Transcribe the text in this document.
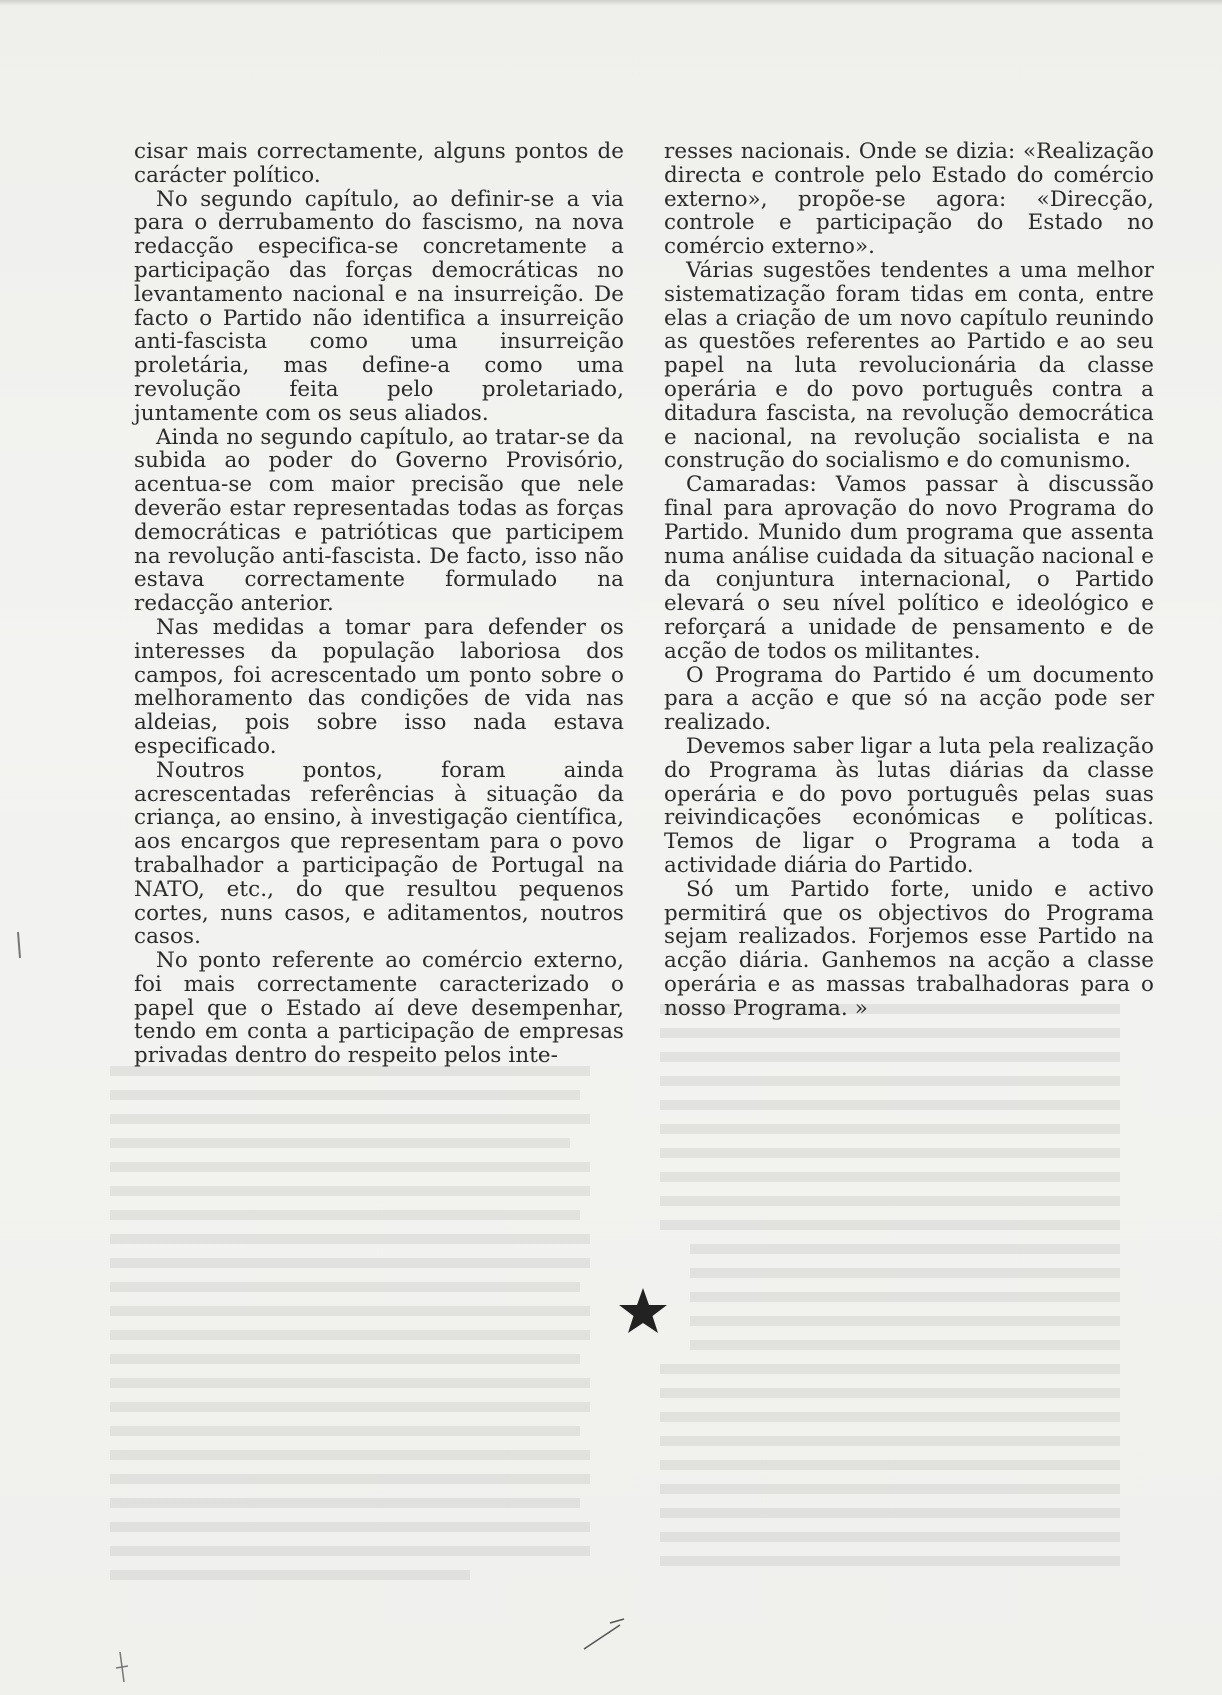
cisar mais correctamente, alguns pontos de carácter político.

No segundo capítulo, ao definir-se a via para o derrubamento do fascismo, na nova redacção especifica-se concretamente a participação das forças democráticas no levantamento nacional e na insurreição. De facto o Partido não identifica a insurreição anti-fascista como uma insurreição proletária, mas define-a como uma revolução feita pelo proletariado, juntamente com os seus aliados.

Ainda no segundo capítulo, ao tratar-se da subida ao poder do Governo Provisório, acentua-se com maior precisão que nele deverão estar representadas todas as forças democráticas e patrióticas que participem na revolução anti-fascista. De facto, isso não estava correctamente formulado na redacção anterior.

Nas medidas a tomar para defender os interesses da população laboriosa dos campos, foi acrescentado um ponto sobre o melhoramento das condições de vida nas aldeias, pois sobre isso nada estava especificado.

Noutros pontos, foram ainda acrescentadas referências à situação da criança, ao ensino, à investigação científica, aos encargos que representam para o povo trabalhador a participação de Portugal na NATO, etc., do que resultou pequenos cortes, nuns casos, e aditamentos, noutros casos.

No ponto referente ao comércio externo, foi mais correctamente caracterizado o papel que o Estado aí deve desempenhar, tendo em conta a participação de empresas privadas dentro do respeito pelos inte-

resses nacionais. Onde se dizia: «Realização directa e controle pelo Estado do comércio externo», propõe-se agora: «Direcção, controle e participação do Estado no comércio externo».

Várias sugestões tendentes a uma melhor sistematização foram tidas em conta, entre elas a criação de um novo capítulo reunindo as questões referentes ao Partido e ao seu papel na luta revolucionária da classe operária e do povo português contra a ditadura fascista, na revolução democrática e nacional, na revolução socialista e na construção do socialismo e do comunismo.

Camaradas: Vamos passar à discussão final para aprovação do novo Programa do Partido. Munido dum programa que assenta numa análise cuidada da situação nacional e da conjuntura internacional, o Partido elevará o seu nível político e ideológico e reforçará a unidade de pensamento e de acção de todos os militantes.

O Programa do Partido é um documento para a acção e que só na acção pode ser realizado.

Devemos saber ligar a luta pela realização do Programa às lutas diárias da classe operária e do povo português pelas suas reivindicações económicas e políticas. Temos de ligar o Programa a toda a actividade diária do Partido.

Só um Partido forte, unido e activo permitirá que os objectivos do Programa sejam realizados. Forjemos esse Partido na acção diária. Ganhemos na acção a classe operária e as massas trabalhadoras para o nosso Programa. »
